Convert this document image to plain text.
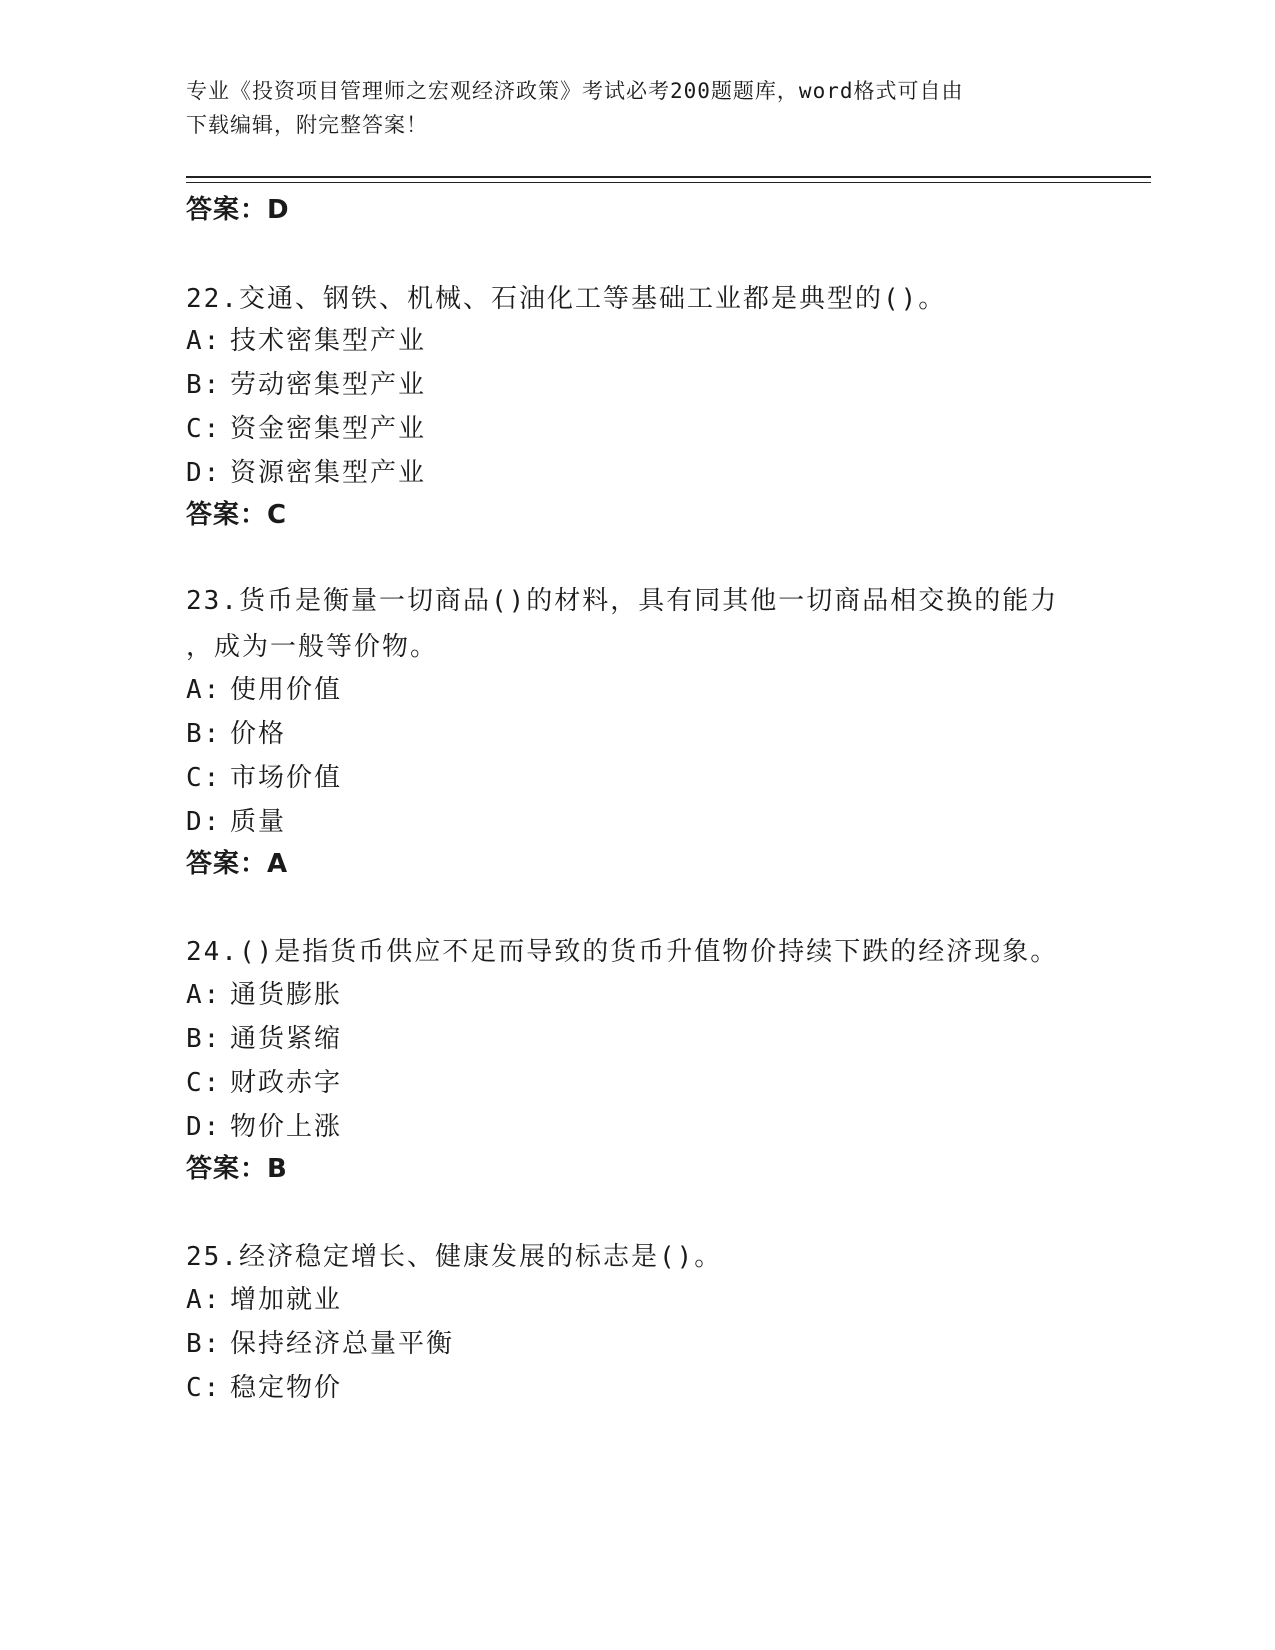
专业《投资项目管理师之宏观经济政策》考试必考200题题库，word格式可自由
下载编辑，附完整答案！
答案：D
22.交通、钢铁、机械、石油化工等基础工业都是典型的()。
A: 技术密集型产业
B: 劳动密集型产业
C: 资金密集型产业
D: 资源密集型产业
答案：C
23.货币是衡量一切商品()的材料，具有同其他一切商品相交换的能力
，成为一般等价物。
A: 使用价值
B: 价格
C: 市场价值
D: 质量
答案：A
24.()是指货币供应不足而导致的货币升值物价持续下跌的经济现象。
A: 通货膨胀
B: 通货紧缩
C: 财政赤字
D: 物价上涨
答案：B
25.经济稳定增长、健康发展的标志是()。
A: 增加就业
B: 保持经济总量平衡
C: 稳定物价
